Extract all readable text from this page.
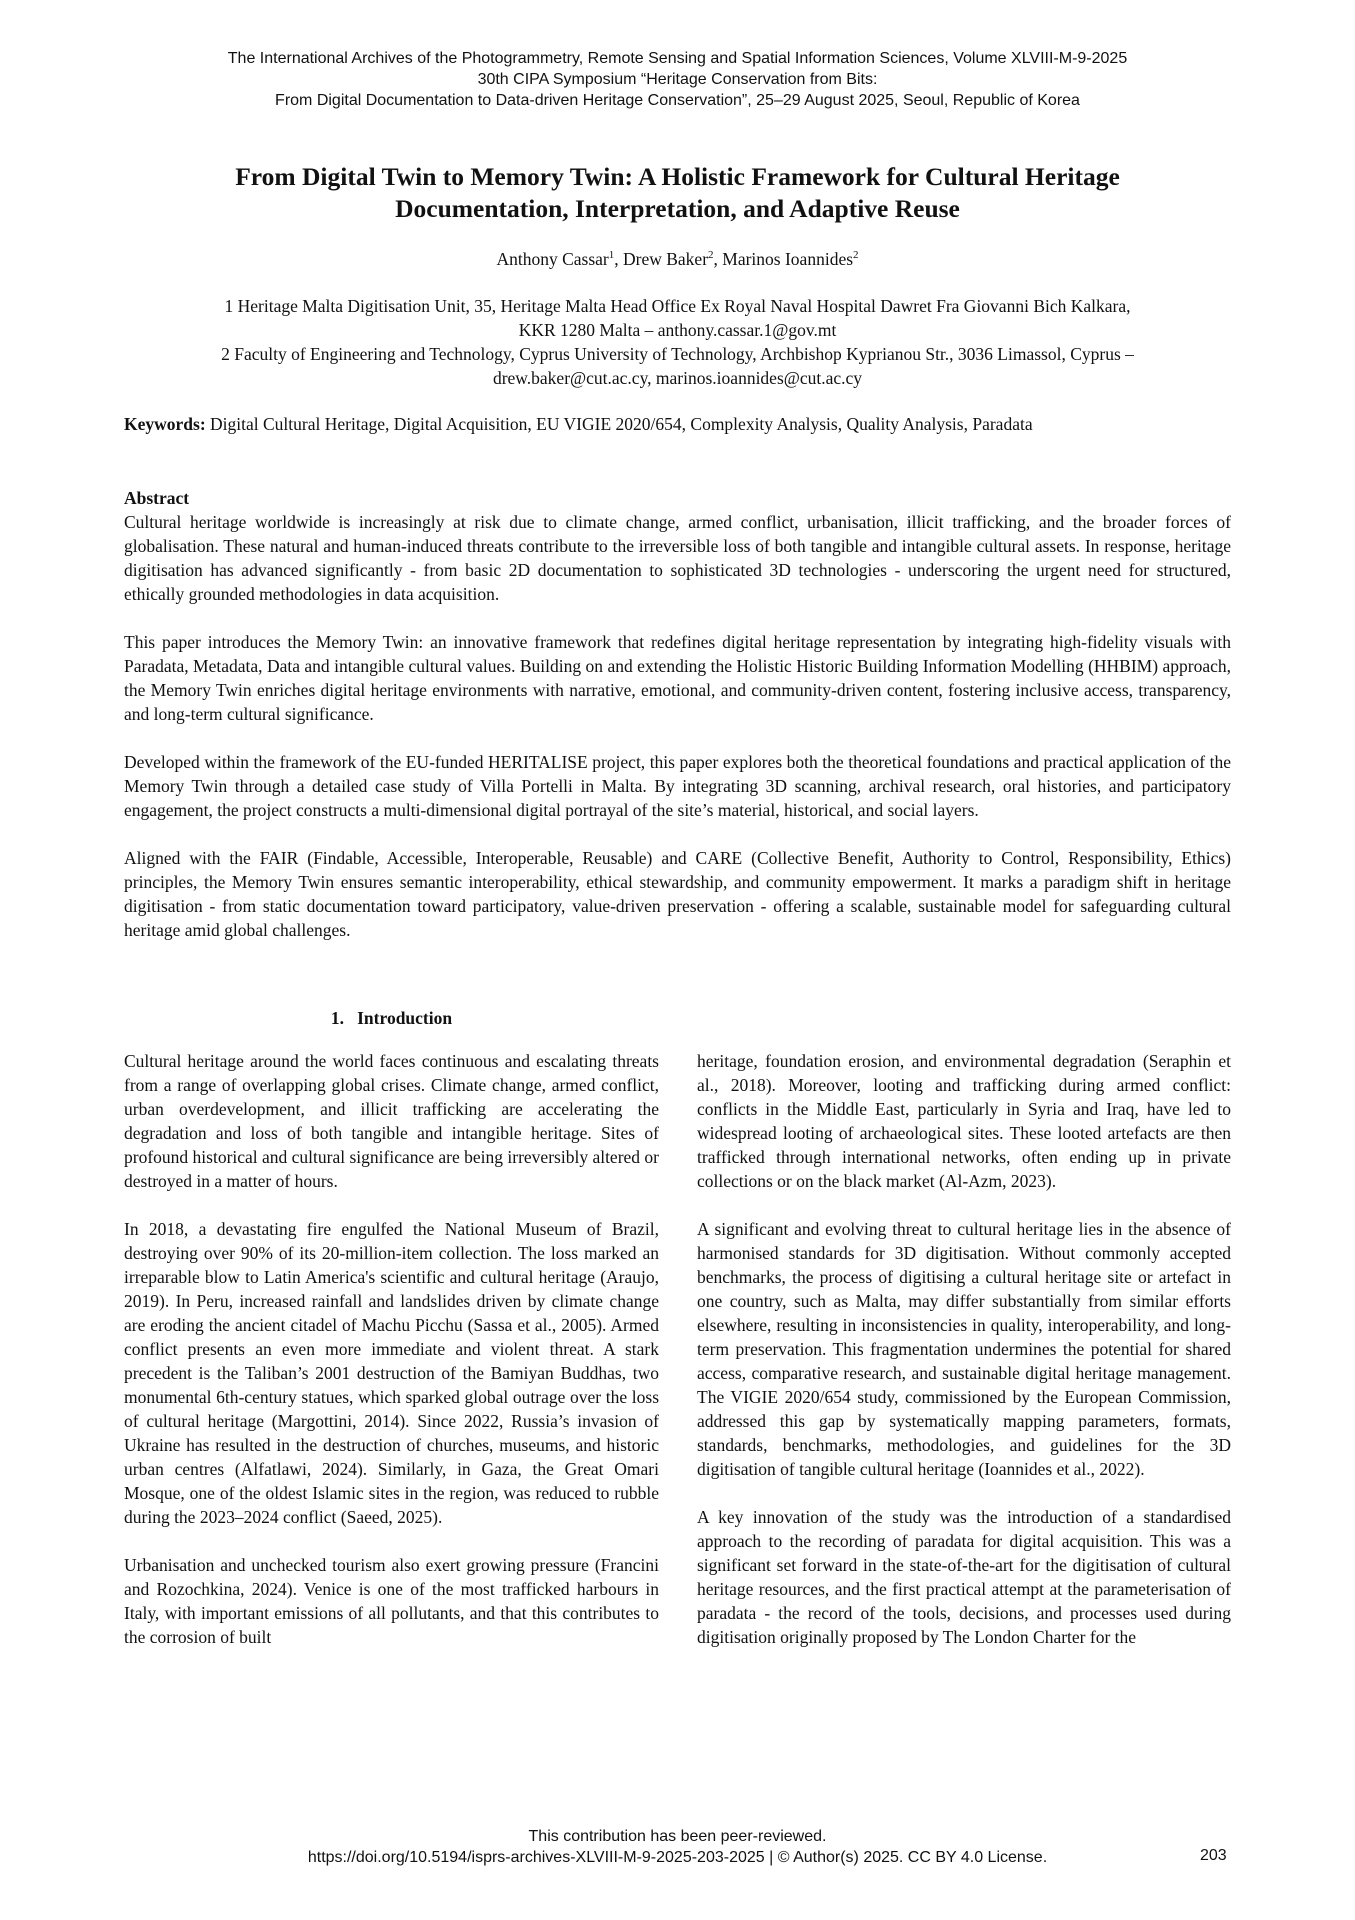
The International Archives of the Photogrammetry, Remote Sensing and Spatial Information Sciences, Volume XLVIII-M-9-2025
30th CIPA Symposium “Heritage Conservation from Bits:
From Digital Documentation to Data-driven Heritage Conservation”, 25–29 August 2025, Seoul, Republic of Korea
From Digital Twin to Memory Twin: A Holistic Framework for Cultural Heritage
Documentation, Interpretation, and Adaptive Reuse
Anthony Cassar$^1$, Drew Baker$^2$, Marinos Ioannides$^2$
1 Heritage Malta Digitisation Unit, 35, Heritage Malta Head Office Ex Royal Naval Hospital Dawret Fra Giovanni Bich Kalkara,
KKR 1280 Malta – anthony.cassar.1@gov.mt
2 Faculty of Engineering and Technology, Cyprus University of Technology, Archbishop Kyprianou Str., 3036 Limassol, Cyprus –
drew.baker@cut.ac.cy, marinos.ioannides@cut.ac.cy
Keywords: Digital Cultural Heritage, Digital Acquisition, EU VIGIE 2020/654, Complexity Analysis, Quality Analysis, Paradata
Abstract

Cultural heritage worldwide is increasingly at risk due to climate change, armed conflict, urbanisation, illicit trafficking, and the broader forces of globalisation. These natural and human-induced threats contribute to the irreversible loss of both tangible and intangible cultural assets. In response, heritage digitisation has advanced significantly - from basic 2D documentation to sophisticated 3D technologies - underscoring the urgent need for structured, ethically grounded methodologies in data acquisition.

This paper introduces the Memory Twin: an innovative framework that redefines digital heritage representation by integrating high-fidelity visuals with Paradata, Metadata, Data and intangible cultural values. Building on and extending the Holistic Historic Building Information Modelling (HHBIM) approach, the Memory Twin enriches digital heritage environments with narrative, emotional, and community-driven content, fostering inclusive access, transparency, and long-term cultural significance.

Developed within the framework of the EU-funded HERITALISE project, this paper explores both the theoretical foundations and practical application of the Memory Twin through a detailed case study of Villa Portelli in Malta. By integrating 3D scanning, archival research, oral histories, and participatory engagement, the project constructs a multi-dimensional digital portrayal of the site’s material, historical, and social layers.

Aligned with the FAIR (Findable, Accessible, Interoperable, Reusable) and CARE (Collective Benefit, Authority to Control, Responsibility, Ethics) principles, the Memory Twin ensures semantic interoperability, ethical stewardship, and community empowerment. It marks a paradigm shift in heritage digitisation - from static documentation toward participatory, value-driven preservation - offering a scalable, sustainable model for safeguarding cultural heritage amid global challenges.

1.   Introduction

Cultural heritage around the world faces continuous and escalating threats from a range of overlapping global crises. Climate change, armed conflict, urban overdevelopment, and illicit trafficking are accelerating the degradation and loss of both tangible and intangible heritage. Sites of profound historical and cultural significance are being irreversibly altered or destroyed in a matter of hours.

In 2018, a devastating fire engulfed the National Museum of Brazil, destroying over 90% of its 20-million-item collection. The loss marked an irreparable blow to Latin America's scientific and cultural heritage (Araujo, 2019). In Peru, increased rainfall and landslides driven by climate change are eroding the ancient citadel of Machu Picchu (Sassa et al., 2005). Armed conflict presents an even more immediate and violent threat. A stark precedent is the Taliban’s 2001 destruction of the Bamiyan Buddhas, two monumental 6th-century statues, which sparked global outrage over the loss of cultural heritage (Margottini, 2014). Since 2022, Russia’s invasion of Ukraine has resulted in the destruction of churches, museums, and historic urban centres (Alfatlawi, 2024). Similarly, in Gaza, the Great Omari Mosque, one of the oldest Islamic sites in the region, was reduced to rubble during the 2023–2024 conflict (Saeed, 2025).

Urbanisation and unchecked tourism also exert growing pressure (Francini and Rozochkina, 2024). Venice is one of the most trafficked harbours in Italy, with important emissions of all pollutants, and that this contributes to the corrosion of built

heritage, foundation erosion, and environmental degradation (Seraphin et al., 2018). Moreover, looting and trafficking during armed conflict: conflicts in the Middle East, particularly in Syria and Iraq, have led to widespread looting of archaeological sites. These looted artefacts are then trafficked through international networks, often ending up in private collections or on the black market (Al-Azm, 2023).

A significant and evolving threat to cultural heritage lies in the absence of harmonised standards for 3D digitisation. Without commonly accepted benchmarks, the process of digitising a cultural heritage site or artefact in one country, such as Malta, may differ substantially from similar efforts elsewhere, resulting in inconsistencies in quality, interoperability, and long-term preservation. This fragmentation undermines the potential for shared access, comparative research, and sustainable digital heritage management. The VIGIE 2020/654 study, commissioned by the European Commission, addressed this gap by systematically mapping parameters, formats, standards, benchmarks, methodologies, and guidelines for the 3D digitisation of tangible cultural heritage (Ioannides et al., 2022).

A key innovation of the study was the introduction of a standardised approach to the recording of paradata for digital acquisition. This was a significant set forward in the state-of-the-art for the digitisation of cultural heritage resources, and the first practical attempt at the parameterisation of paradata - the record of the tools, decisions, and processes used during digitisation originally proposed by The London Charter for the

This contribution has been peer-reviewed.
https://doi.org/10.5194/isprs-archives-XLVIII-M-9-2025-203-2025 | © Author(s) 2025. CC BY 4.0 License.	203
